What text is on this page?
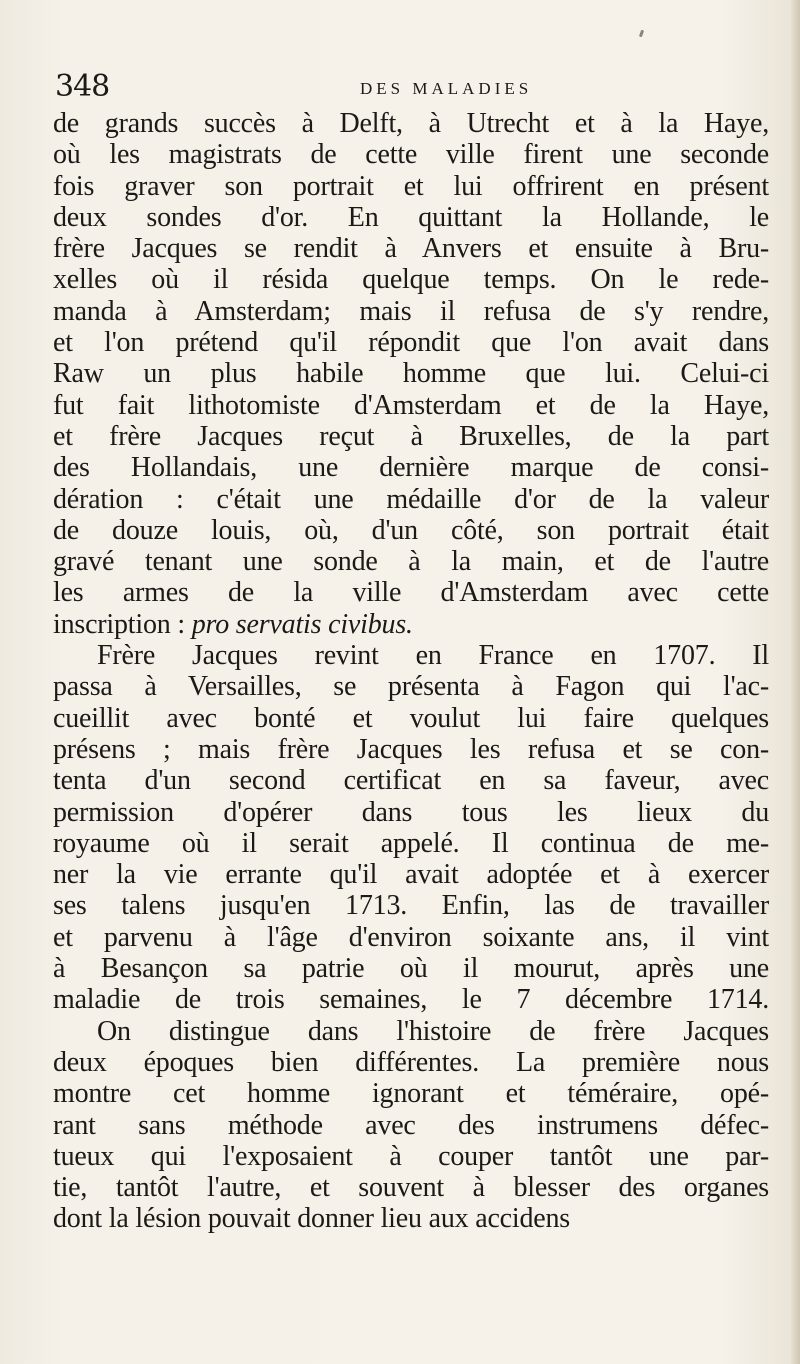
348	DES MALADIES
de grands succès à Delft, à Utrecht et à la Haye,
où les magistrats de cette ville firent une seconde
fois graver son portrait et lui offrirent en présent
deux sondes d'or. En quittant la Hollande, le
frère Jacques se rendit à Anvers et ensuite à Bru-
xelles où il résida quelque temps. On le rede-
manda à Amsterdam; mais il refusa de s'y rendre,
et l'on prétend qu'il répondit que l'on avait dans
Raw un plus habile homme que lui. Celui-ci
fut fait lithotomiste d'Amsterdam et de la Haye,
et frère Jacques reçut à Bruxelles, de la part
des Hollandais, une dernière marque de consi-
dération : c'était une médaille d'or de la valeur
de douze louis, où, d'un côté, son portrait était
gravé tenant une sonde à la main, et de l'autre
les armes de la ville d'Amsterdam avec cette
inscription : pro servatis civibus.
Frère Jacques revint en France en 1707. Il
passa à Versailles, se présenta à Fagon qui l'ac-
cueillit avec bonté et voulut lui faire quelques
présens ; mais frère Jacques les refusa et se con-
tenta d'un second certificat en sa faveur, avec
permission d'opérer dans tous les lieux du
royaume où il serait appelé. Il continua de me-
ner la vie errante qu'il avait adoptée et à exercer
ses talens jusqu'en 1713. Enfin, las de travailler
et parvenu à l'âge d'environ soixante ans, il vint
à Besançon sa patrie où il mourut, après une
maladie de trois semaines, le 7 décembre 1714.
On distingue dans l'histoire de frère Jacques
deux époques bien différentes. La première nous
montre cet homme ignorant et téméraire, opé-
rant sans méthode avec des instrumens défec-
tueux qui l'exposaient à couper tantôt une par-
tie, tantôt l'autre, et souvent à blesser des organes
dont la lésion pouvait donner lieu aux accidens
